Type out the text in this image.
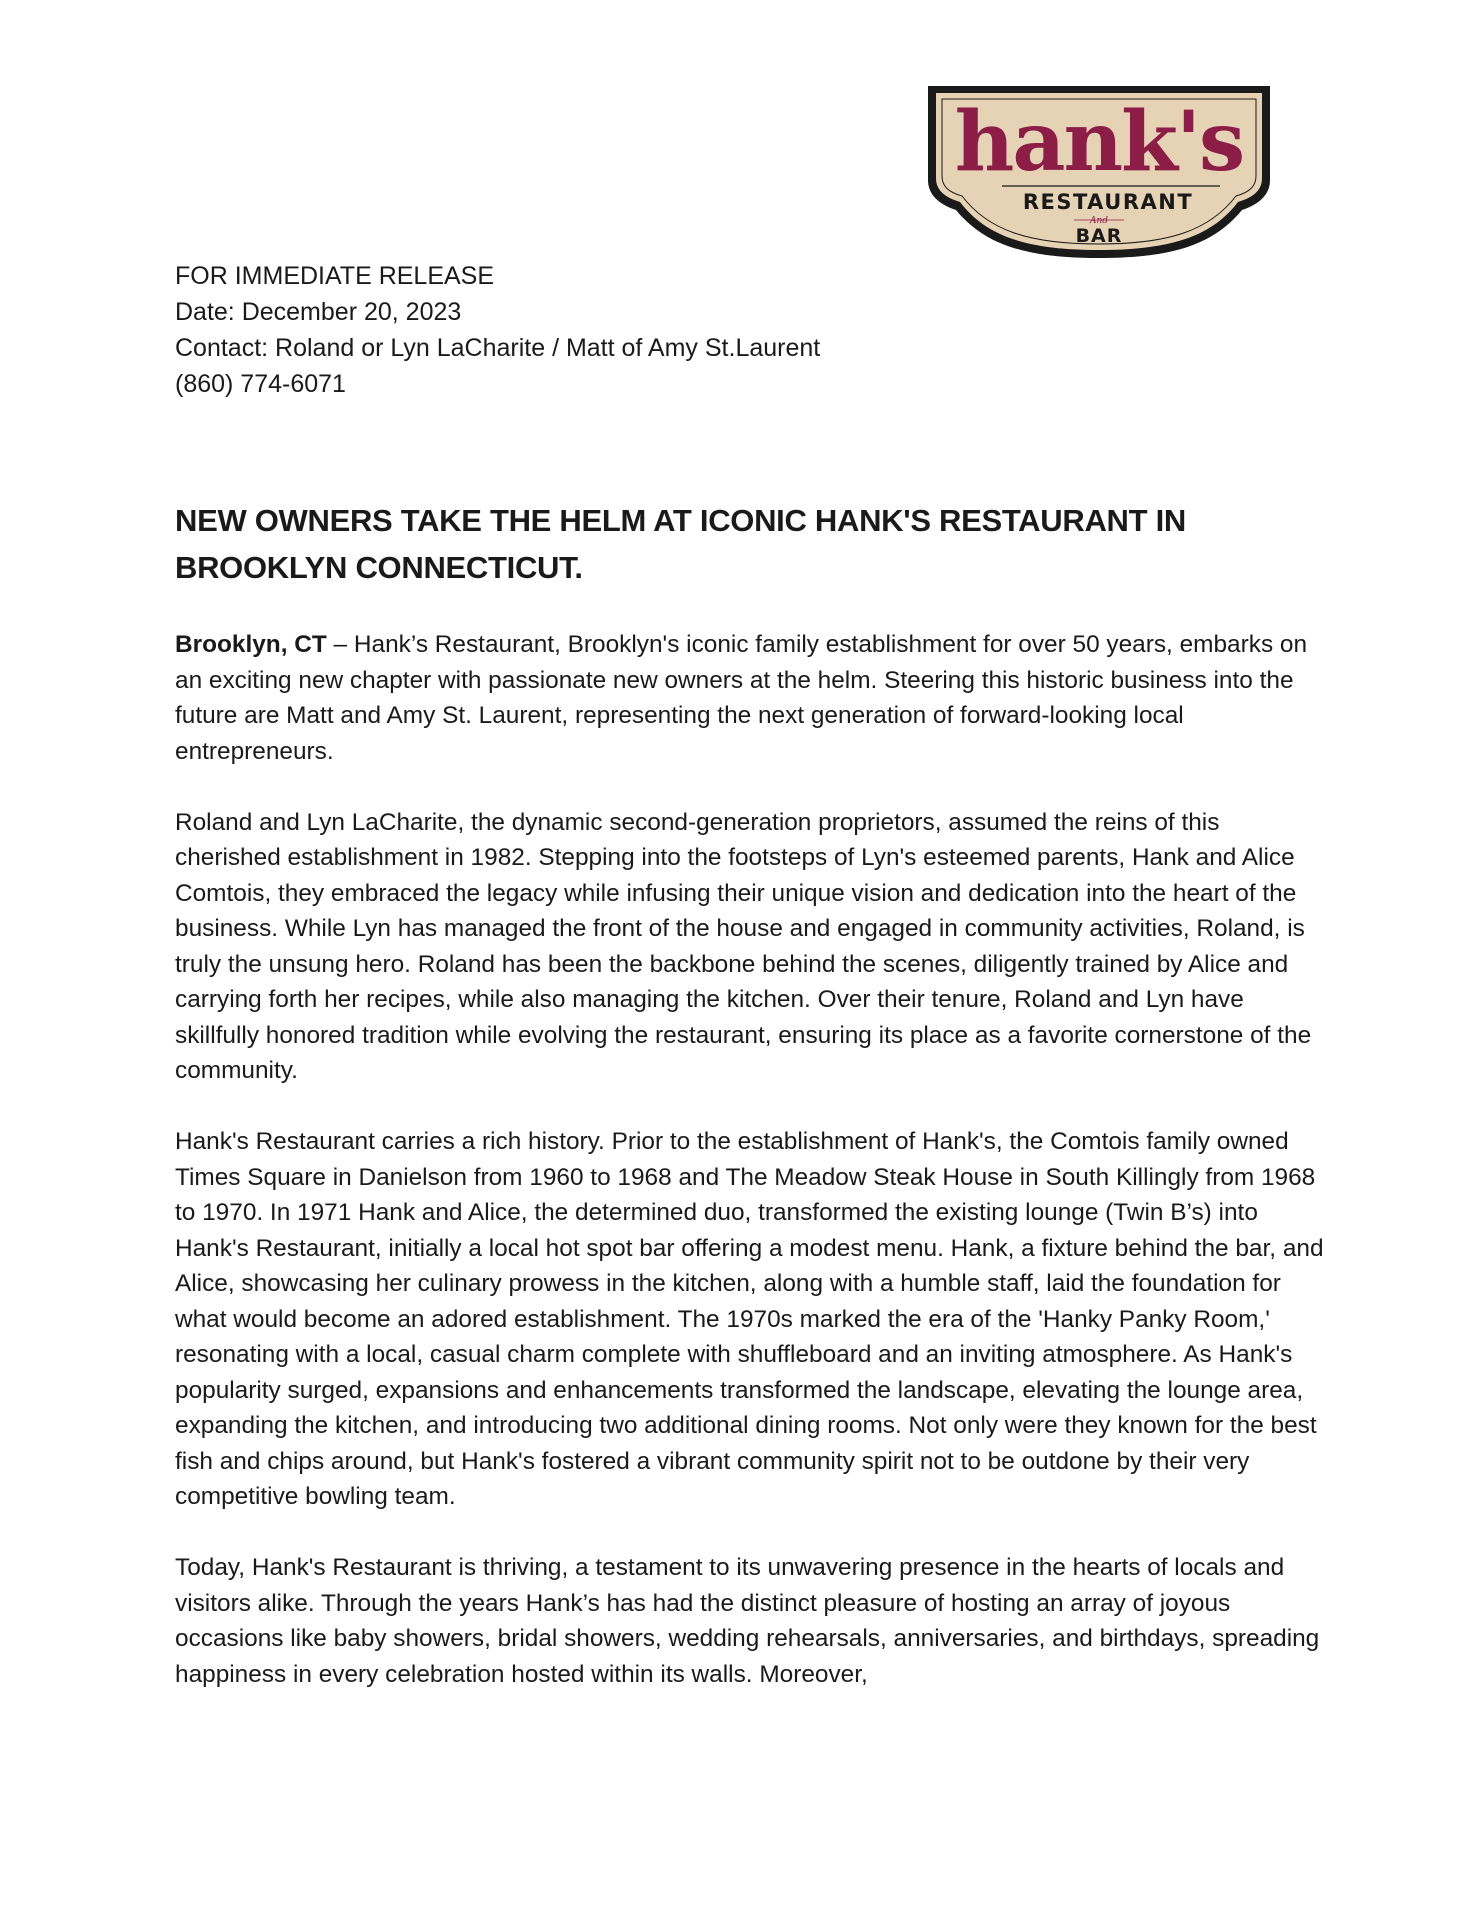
hank's
RESTAURANT
And
BAR
FOR IMMEDIATE RELEASE
Date: December 20, 2023
Contact: Roland or Lyn LaCharite / Matt of Amy St.Laurent
(860) 774-6071
NEW OWNERS TAKE THE HELM AT ICONIC HANK'S RESTAURANT IN BROOKLYN CONNECTICUT.

Brooklyn, CT – Hank’s Restaurant, Brooklyn's iconic family establishment for over 50 years, embarks on an exciting new chapter with passionate new owners at the helm. Steering this historic business into the future are Matt and Amy St. Laurent, representing the next generation of forward-looking local entrepreneurs.

Roland and Lyn LaCharite, the dynamic second-generation proprietors, assumed the reins of this cherished establishment in 1982. Stepping into the footsteps of Lyn's esteemed parents, Hank and Alice Comtois, they embraced the legacy while infusing their unique vision and dedication into the heart of the business. While Lyn has managed the front of the house and engaged in community activities, Roland, is truly the unsung hero. Roland has been the backbone behind the scenes, diligently trained by Alice and carrying forth her recipes, while also managing the kitchen. Over their tenure, Roland and Lyn have skillfully honored tradition while evolving the restaurant, ensuring its place as a favorite cornerstone of the community.

Hank's Restaurant carries a rich history. Prior to the establishment of Hank's, the Comtois family owned Times Square in Danielson from 1960 to 1968 and The Meadow Steak House in South Killingly from 1968 to 1970. In 1971 Hank and Alice, the determined duo, transformed the existing lounge (Twin B’s) into Hank's Restaurant, initially a local hot spot bar offering a modest menu. Hank, a fixture behind the bar, and Alice, showcasing her culinary prowess in the kitchen, along with a humble staff, laid the foundation for what would become an adored establishment. The 1970s marked the era of the 'Hanky Panky Room,' resonating with a local, casual charm complete with shuffleboard and an inviting atmosphere. As Hank's popularity surged, expansions and enhancements transformed the landscape, elevating the lounge area, expanding the kitchen, and introducing two additional dining rooms. Not only were they known for the best fish and chips around, but Hank's fostered a vibrant community spirit not to be outdone by their very competitive bowling team.

Today, Hank's Restaurant is thriving, a testament to its unwavering presence in the hearts of locals and visitors alike. Through the years Hank’s has had the distinct pleasure of hosting an array of joyous occasions like baby showers, bridal showers, wedding rehearsals, anniversaries, and birthdays, spreading happiness in every celebration hosted within its walls. Moreover,
